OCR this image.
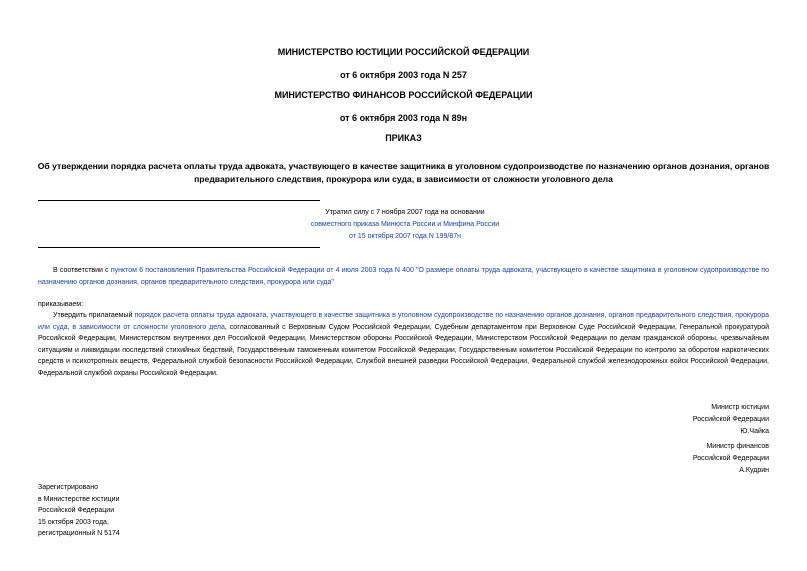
МИНИСТЕРСТВО ЮСТИЦИИ РОССИЙСКОЙ ФЕДЕРАЦИИ
от 6 октября 2003 года N 257
МИНИСТЕРСТВО ФИНАНСОВ РОССИЙСКОЙ ФЕДЕРАЦИИ
от 6 октября 2003 года N 89н
ПРИКАЗ
Об утверждении порядка расчета оплаты труда адвоката, участвующего в качестве защитника в уголовном судопроизводстве по назначению органов дознания, органов предварительного следствия, прокурора или суда, в зависимости от сложности уголовного дела
Утратил силу с 7 ноября 2007 года на основании
совместного приказа Минюста России и Минфина России
от 15 октября 2007 года N 199/87н
В соответствии с пунктом 6 постановления Правительства Российской Федерации от 4 июля 2003 года N 400 "О размере оплаты труда адвоката, участвующего в качестве защитника в уголовном судопроизводстве по назначению органов дознания, органов предварительного следствия, прокурора или суда"
приказываем:
Утвердить прилагаемый порядок расчета оплаты труда адвоката, участвующего в качестве защитника в уголовном судопроизводстве по назначению органов дознания, органов предварительного следствия, прокурора или суда, в зависимости от сложности уголовного дела, согласованный с Верховным Судом Российской Федерации, Судебным департаментом при Верховном Суде Российской Федерации, Генеральной прокуратурой Российской Федерации, Министерством внутренних дел Российской Федерации, Министерством обороны Российской Федерации, Министерством Российской Федерации по делам гражданской обороны, чрезвычайным ситуациям и ликвидации последствий стихийных бедствий, Государственным таможенным комитетом Российской Федерации, Государственным комитетом Российской Федерации по контролю за оборотом наркотических средств и психотропных веществ, Федеральной службой безопасности Российской Федерации, Службой внешней разведки Российской Федерации, Федеральной службой железнодорожных войск Российской Федерации, Федеральной службой охраны Российской Федерации.
Министр юстиции
Российской Федерации
Ю.Чайка
Министр финансов
Российской Федерации
А.Кудрин
Зарегистрировано
в Министерстве юстиции
Российской Федерации
15 октября 2003 года,
регистрационный N 5174
